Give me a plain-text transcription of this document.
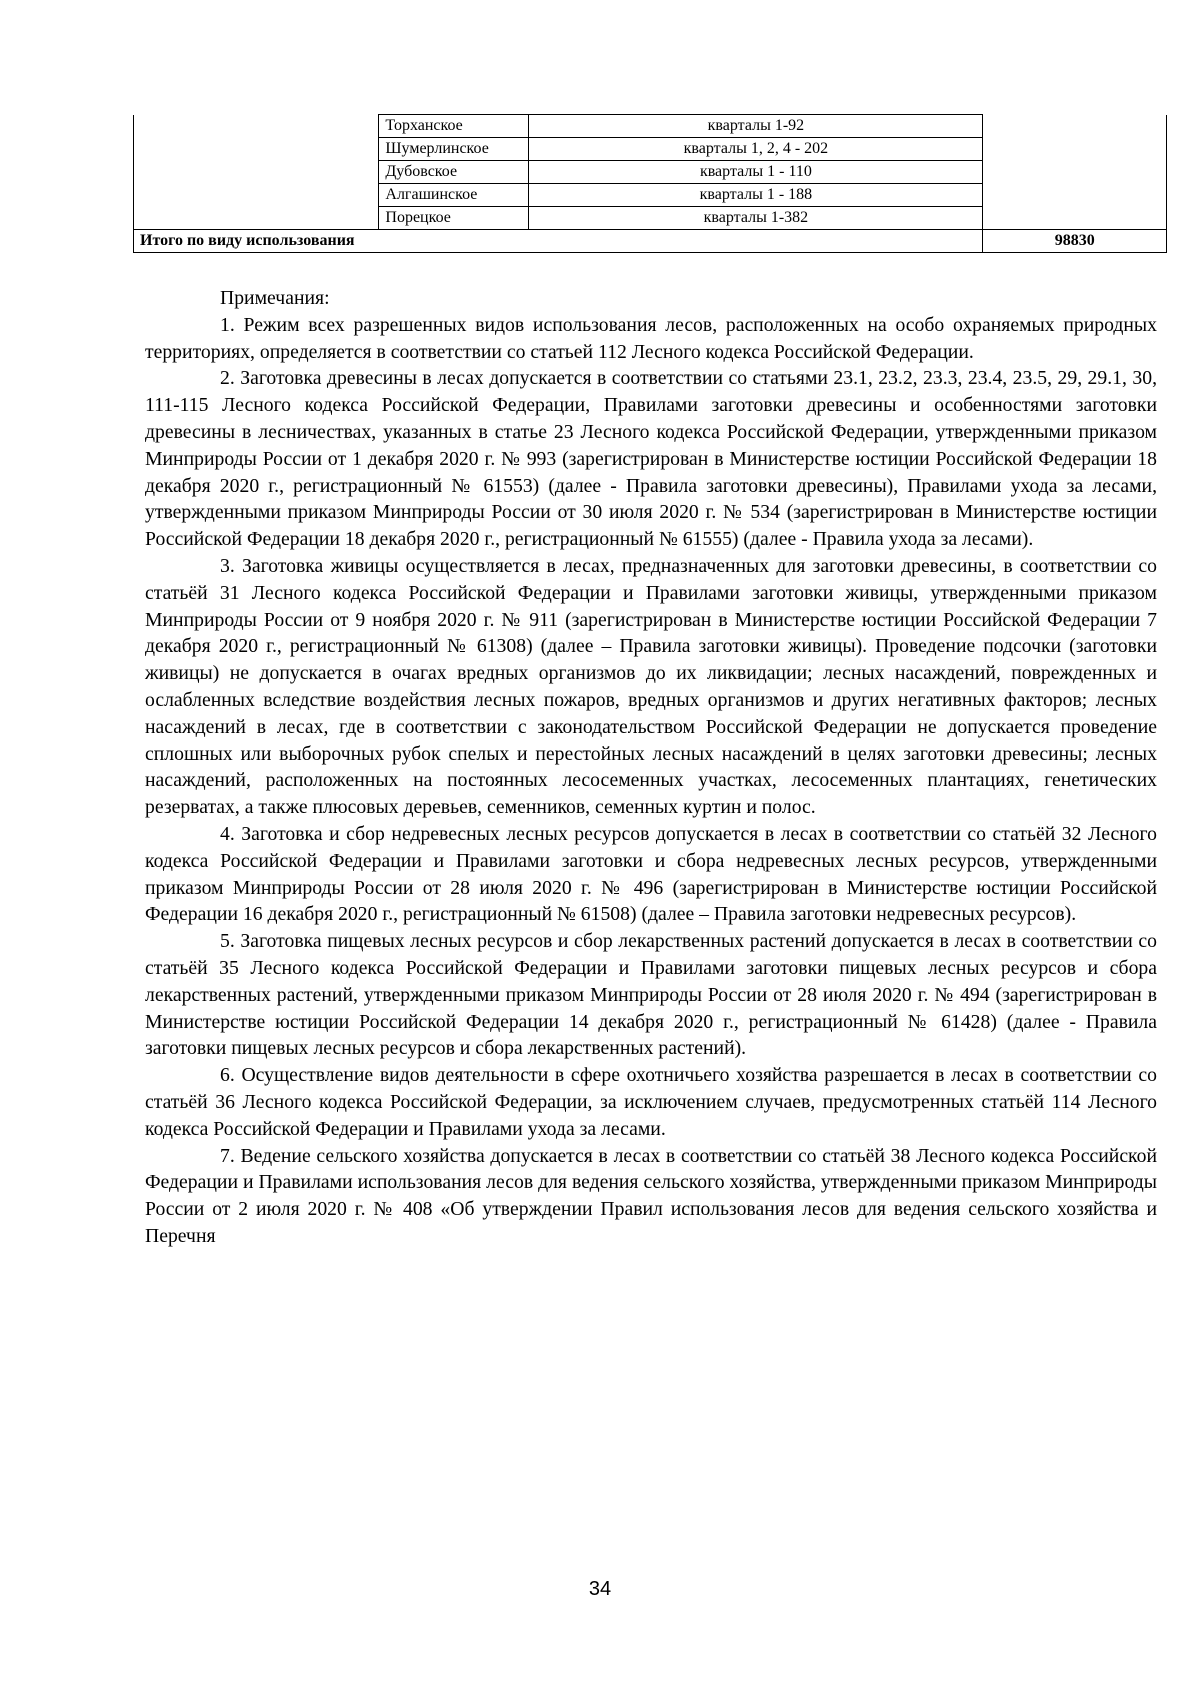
	Торханское	кварталы 1-92	
	Шумерлинское	кварталы 1, 2, 4 - 202	
	Дубовское	кварталы 1 - 110	
	Алгашинское	кварталы 1 - 188	
	Порецкое	кварталы 1-382	
Итого по виду использования			98830
Примечания:

1. Режим всех разрешенных видов использования лесов, расположенных на особо охраняемых природных территориях, определяется в соответствии со статьей 112 Лесного кодекса Российской Федерации.

2. Заготовка древесины в лесах допускается в соответствии со статьями 23.1, 23.2, 23.3, 23.4, 23.5, 29, 29.1, 30, 111-115 Лесного кодекса Российской Федерации, Правилами заготовки древесины и особенностями заготовки древесины в лесничествах, указанных в статье 23 Лесного кодекса Российской Федерации, утвержденными приказом Минприроды России от 1 декабря 2020 г. № 993 (зарегистрирован в Министерстве юстиции Российской Федерации 18 декабря 2020 г., регистрационный № 61553) (далее - Правила заготовки древесины), Правилами ухода за лесами, утвержденными приказом Минприроды России от 30 июля 2020 г. № 534 (зарегистрирован в Министерстве юстиции Российской Федерации 18 декабря 2020 г., регистрационный № 61555) (далее - Правила ухода за лесами).

3. Заготовка живицы осуществляется в лесах, предназначенных для заготовки древесины, в соответствии со статьёй 31 Лесного кодекса Российской Федерации и Правилами заготовки живицы, утвержденными приказом Минприроды России от 9 ноября 2020 г. № 911 (зарегистрирован в Министерстве юстиции Российской Федерации 7 декабря 2020 г., регистрационный № 61308) (далее – Правила заготовки живицы). Проведение подсочки (заготовки живицы) не допускается в очагах вредных организмов до их ликвидации; лесных насаждений, поврежденных и ослабленных вследствие воздействия лесных пожаров, вредных организмов и других негативных факторов; лесных насаждений в лесах, где в соответствии с законодательством Российской Федерации не допускается проведение сплошных или выборочных рубок спелых и перестойных лесных насаждений в целях заготовки древесины; лесных насаждений, расположенных на постоянных лесосеменных участках, лесосеменных плантациях, генетических резерватах, а также плюсовых деревьев, семенников, семенных куртин и полос.

4. Заготовка и сбор недревесных лесных ресурсов допускается в лесах в соответствии со статьёй 32 Лесного кодекса Российской Федерации и Правилами заготовки и сбора недревесных лесных ресурсов, утвержденными приказом Минприроды России от 28 июля 2020 г. № 496 (зарегистрирован в Министерстве юстиции Российской Федерации 16 декабря 2020 г., регистрационный № 61508) (далее – Правила заготовки недревесных ресурсов).

5. Заготовка пищевых лесных ресурсов и сбор лекарственных растений допускается в лесах в соответствии со статьёй 35 Лесного кодекса Российской Федерации и Правилами заготовки пищевых лесных ресурсов и сбора лекарственных растений, утвержденными приказом Минприроды России от 28 июля 2020 г. № 494 (зарегистрирован в Министерстве юстиции Российской Федерации 14 декабря 2020 г., регистрационный № 61428) (далее - Правила заготовки пищевых лесных ресурсов и сбора лекарственных растений).

6. Осуществление видов деятельности в сфере охотничьего хозяйства разрешается в лесах в соответствии со статьёй 36 Лесного кодекса Российской Федерации, за исключением случаев, предусмотренных статьёй 114 Лесного кодекса Российской Федерации и Правилами ухода за лесами.

7. Ведение сельского хозяйства допускается в лесах в соответствии со статьёй 38 Лесного кодекса Российской Федерации и Правилами использования лесов для ведения сельского хозяйства, утвержденными приказом Минприроды России от 2 июля 2020 г. № 408 «Об утверждении Правил использования лесов для ведения сельского хозяйства и Перечня

34
